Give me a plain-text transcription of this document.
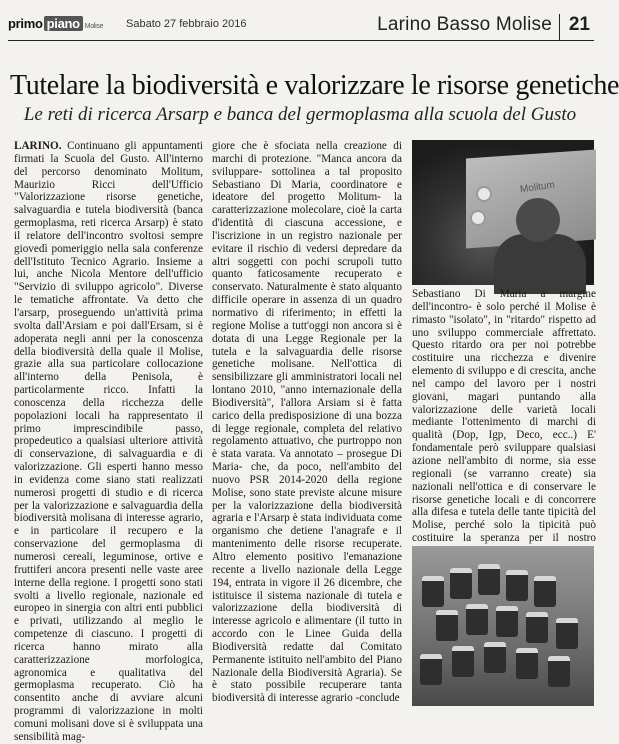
primo piano Molise Sabato 27 febbraio 2016	Larino Basso Molise 21
Tutelare la biodiversità e valorizzare le risorse genetiche
Le reti di ricerca Arsarp e banca del germoplasma alla scuola del Gusto

LARINO. Continuano gli appuntamenti firmati la Scuola del Gusto. All'interno del percorso denominato Molitum, Maurizio Ricci dell'Ufficio "Valorizzazione risorse genetiche, salvaguardia e tutela biodiversità (banca germoplasma, reti ricerca Arsarp) è stato il relatore dell'incontro svoltosi sempre giovedì pomeriggio nella sala conferenze dell'Istituto Tecnico Agrario. Insieme a lui, anche Nicola Mentore dell'ufficio "Servizio di sviluppo agricolo". Diverse le tematiche affrontate. Va detto che l'arsarp, proseguendo un'attività prima svolta dall'Arsiam e poi dall'Ersam, si è adoperata negli anni per la conoscenza della biodiversità della quale il Molise, grazie alla sua particolare collocazione all'interno della Penisola, è particolarmente ricco. Infatti la conoscenza della ricchezza delle popolazioni locali ha rappresentato il primo imprescindibile passo, propedeutico a qualsiasi ulteriore attività di conservazione, di salvaguardia e di valorizzazione. Gli esperti hanno messo in evidenza come siano stati realizzati numerosi progetti di studio e di ricerca per la valorizzazione e salvaguardia della biodiversità molisana di interesse agrario, e in particolare il recupero e la conservazione del germoplasma di numerosi cereali, leguminose, ortive e fruttiferi ancora presenti nelle vaste aree interne della regione. I progetti sono stati svolti a livello regionale, nazionale ed europeo in sinergia con altri enti pubblici e privati, utilizzando al meglio le competenze di ciascuno. I progetti di ricerca hanno mirato alla caratterizzazione morfologica, agronomica e qualitativa del germoplasma recuperato. Ciò ha consentito anche di avviare alcuni programmi di valorizzazione in molti comuni molisani dove si è sviluppata una sensibilità mag-

giore che è sfociata nella creazione di marchi di protezione. "Manca ancora da sviluppare- sottolinea a tal proposito Sebastiano Di Maria, coordinatore e ideatore del progetto Molitum- la caratterizzazione molecolare, cioè la carta d'identità di ciascuna accessione, e l'iscrizione in un registro nazionale per evitare il rischio di vedersi depredare da altri soggetti con pochi scrupoli tutto quanto faticosamente recuperato e conservato. Naturalmente è stato alquanto difficile operare in assenza di un quadro normativo di riferimento; in effetti la regione Molise a tutt'oggi non ancora si è dotata di una Legge Regionale per la tutela e la salvaguardia delle risorse genetiche molisane. Nell'ottica di sensibilizzare gli amministratori locali nel lontano 2010, "anno internazionale della Biodiversità", l'allora Arsiam si è fatta carico della predisposizione di una bozza di legge regionale, completa del relativo regolamento attuativo, che purtroppo non è stata varata. Va annotato – prosegue Di Maria- che, da poco, nell'ambito del nuovo PSR 2014-2020 della regione Molise, sono state previste alcune misure per la valorizzazione della biodiversità agraria e l'Arsarp è stata individuata come organismo che detiene l'anagrafe e il mantenimento delle risorse recuperate. Altro elemento positivo l'emanazione recente a livello nazionale della Legge 194, entrata in vigore il 26 dicembre, che istituisce il sistema nazionale di tutela e valorizzazione della biodiversità di interesse agricolo e alimentare (il tutto in accordo con le Linee Guida della Biodiversità redatte dal Comitato Permanente istituito nell'ambito del Piano Nazionale della Biodiversità Agraria). Se è stato possibile recuperare tanta biodiversità di interesse agrario -conclude

Molitum

Sebastiano Di Maria a margine dell'incontro- è solo perché il Molise è rimasto "isolato", in "ritardo" rispetto ad uno sviluppo commerciale affrettato. Questo ritardo ora per noi potrebbe costituire una ricchezza e divenire elemento di sviluppo e di crescita, anche nel campo del lavoro per i nostri giovani, magari puntando alla valorizzazione delle varietà locali mediante l'ottenimento di marchi di qualità (Dop, Igp, Deco, ecc..) E' fondamentale però sviluppare qualsiasi azione nell'ambito di norme, sia esse regionali (se varranno create) sia nazionali nell'ottica e di conservare le risorse genetiche locali e di concorrere alla difesa e tutela delle tante tipicità del Molise, perché solo la tipicità può costituire la speranza per il nostro
